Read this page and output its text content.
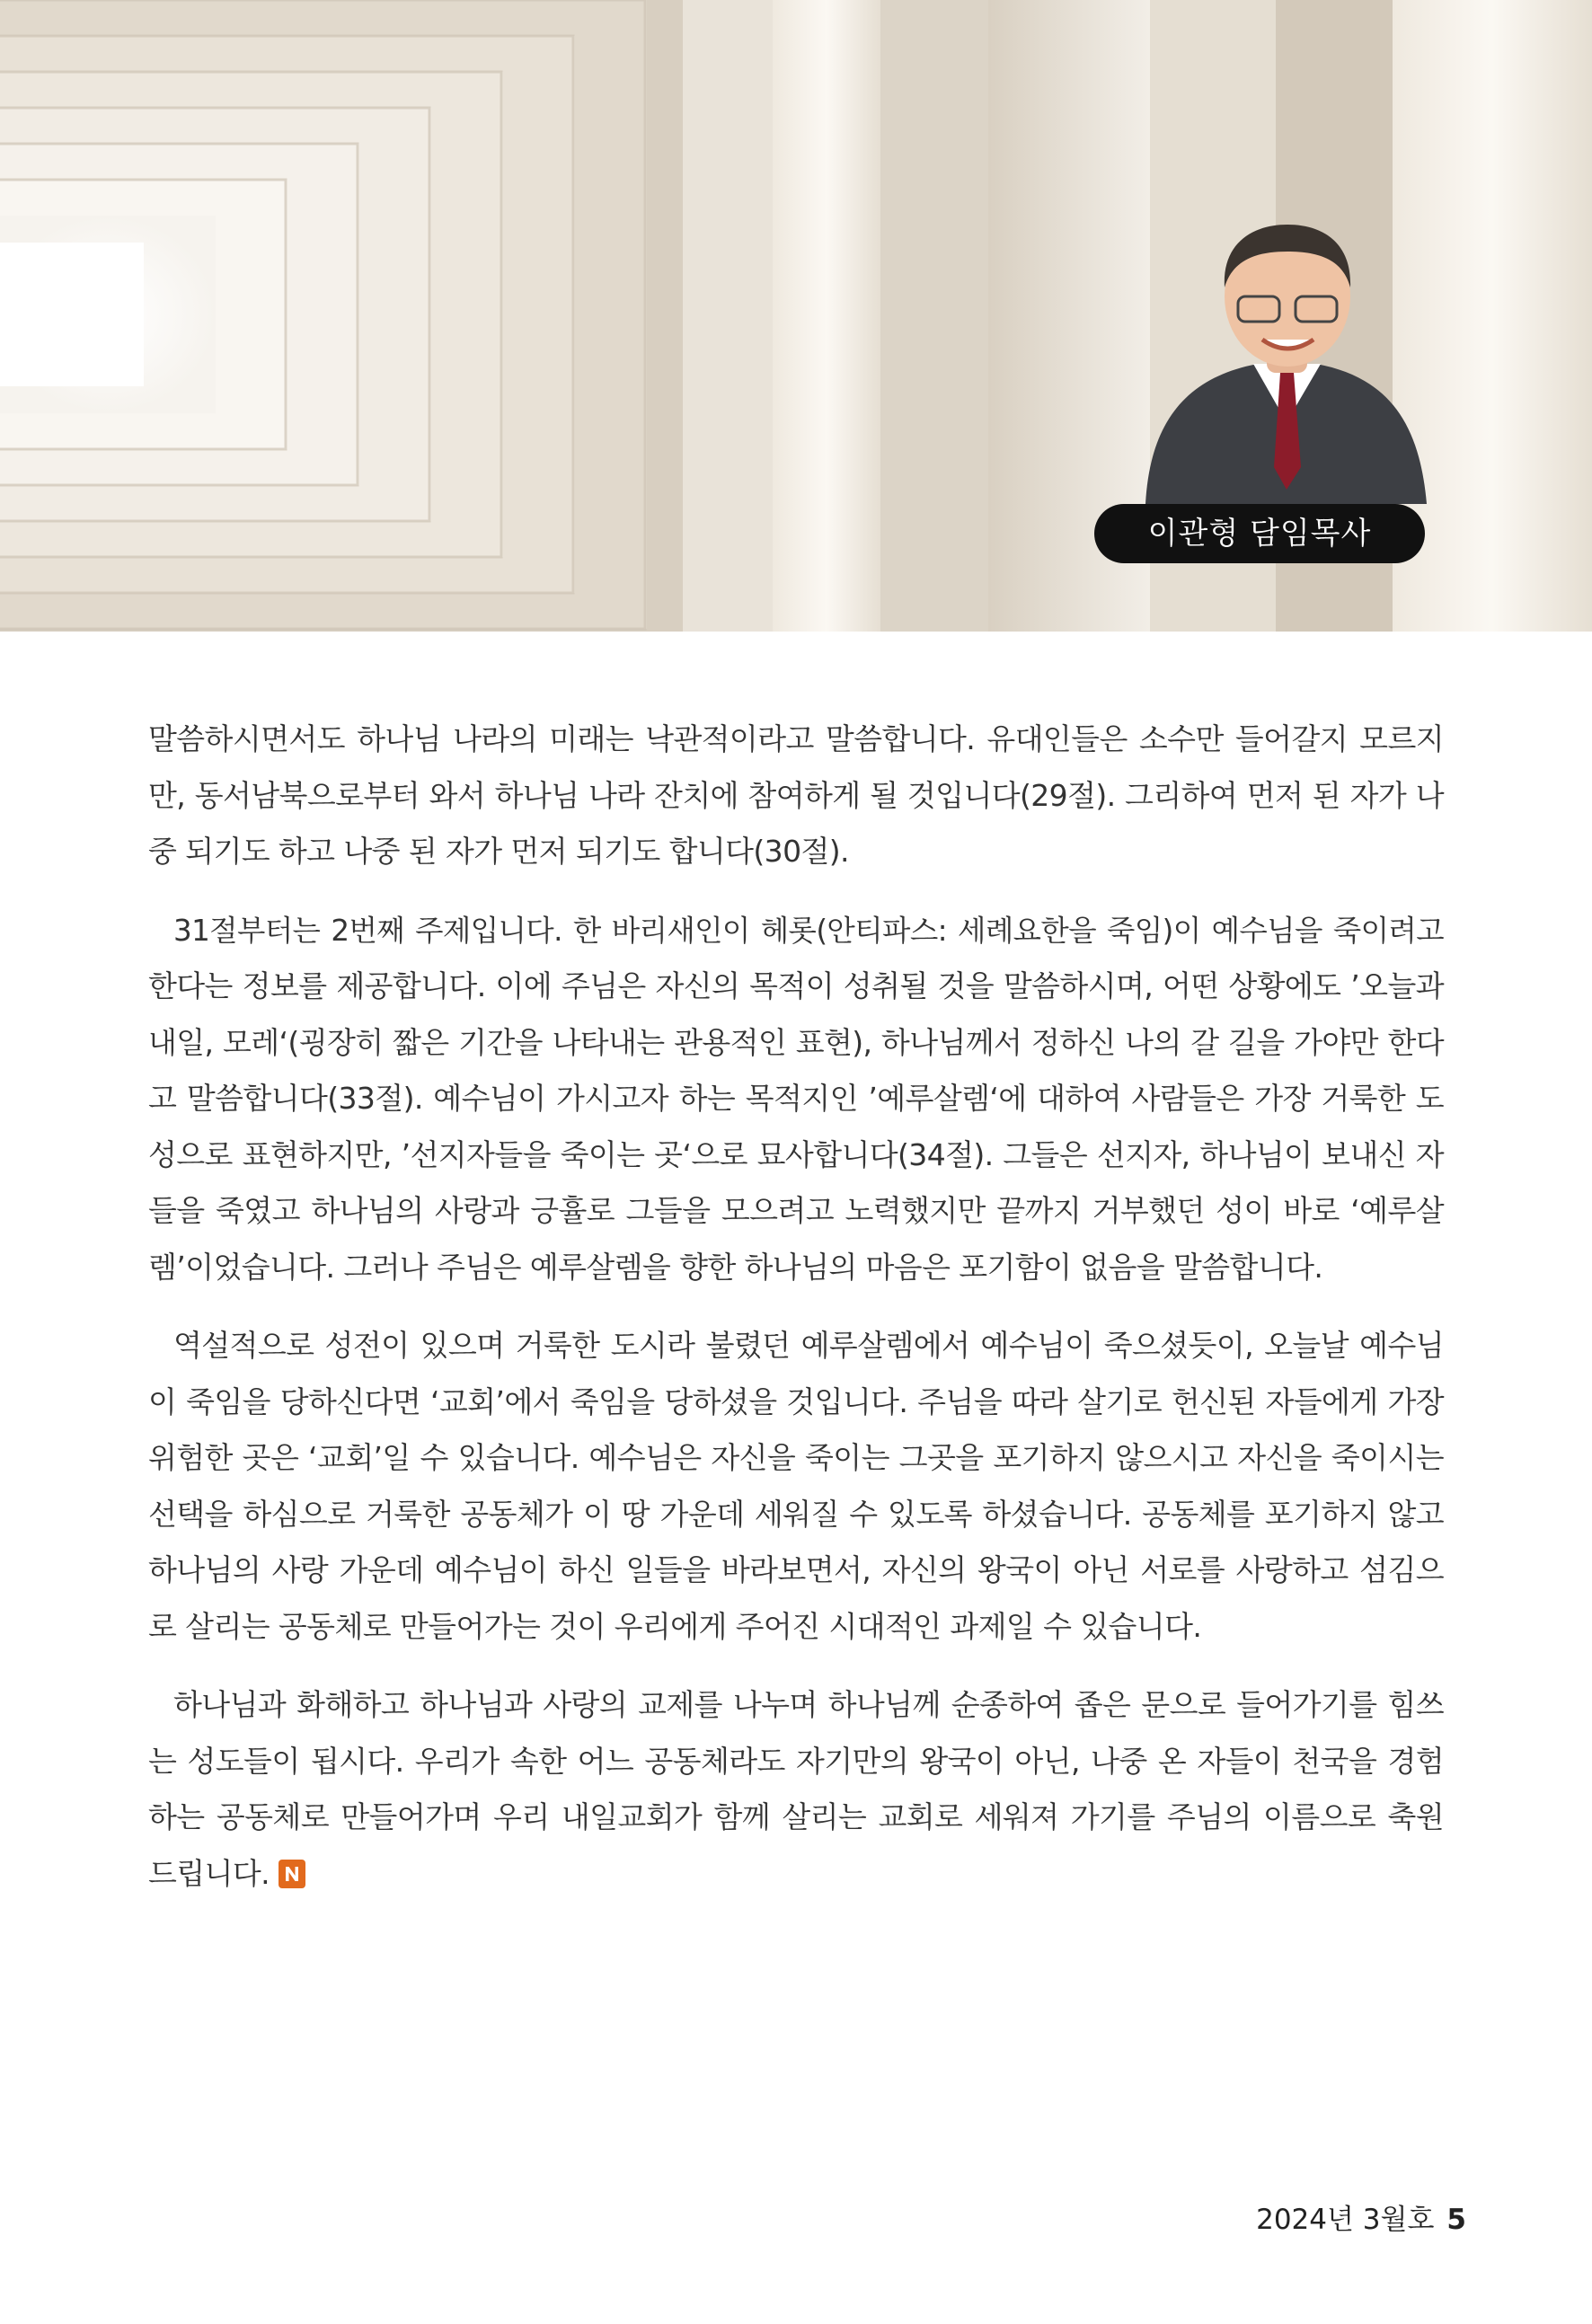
이관형 담임목사

말씀하시면서도 하나님 나라의 미래는 낙관적이라고 말씀합니다. 유대인들은 소수만 들어갈지 모르지
만, 동서남북으로부터 와서 하나님 나라 잔치에 참여하게 될 것입니다(29절). 그리하여 먼저 된 자가 나
중 되기도 하고 나중 된 자가 먼저 되기도 합니다(30절).

31절부터는 2번째 주제입니다. 한 바리새인이 헤롯(안티파스: 세례요한을 죽임)이 예수님을 죽이려고
한다는 정보를 제공합니다. 이에 주님은 자신의 목적이 성취될 것을 말씀하시며, 어떤 상황에도 ’오늘과
내일, 모레‘(굉장히 짧은 기간을 나타내는 관용적인 표현), 하나님께서 정하신 나의 갈 길을 가야만 한다
고 말씀합니다(33절). 예수님이 가시고자 하는 목적지인 ’예루살렘‘에 대하여 사람들은 가장 거룩한 도
성으로 표현하지만, ’선지자들을 죽이는 곳‘으로 묘사합니다(34절). 그들은 선지자, 하나님이 보내신 자
들을 죽였고 하나님의 사랑과 긍휼로 그들을 모으려고 노력했지만 끝까지 거부했던 성이 바로 ‘예루살
렘’이었습니다. 그러나 주님은 예루살렘을 향한 하나님의 마음은 포기함이 없음을 말씀합니다.

역설적으로 성전이 있으며 거룩한 도시라 불렸던 예루살렘에서 예수님이 죽으셨듯이, 오늘날 예수님
이 죽임을 당하신다면 ‘교회’에서 죽임을 당하셨을 것입니다. 주님을 따라 살기로 헌신된 자들에게 가장
위험한 곳은 ‘교회’일 수 있습니다. 예수님은 자신을 죽이는 그곳을 포기하지 않으시고 자신을 죽이시는
선택을 하심으로 거룩한 공동체가 이 땅 가운데 세워질 수 있도록 하셨습니다. 공동체를 포기하지 않고
하나님의 사랑 가운데 예수님이 하신 일들을 바라보면서, 자신의 왕국이 아닌 서로를 사랑하고 섬김으
로 살리는 공동체로 만들어가는 것이 우리에게 주어진 시대적인 과제일 수 있습니다.

하나님과 화해하고 하나님과 사랑의 교제를 나누며 하나님께 순종하여 좁은 문으로 들어가기를 힘쓰
는 성도들이 됩시다. 우리가 속한 어느 공동체라도 자기만의 왕국이 아닌, 나중 온 자들이 천국을 경험
하는 공동체로 만들어가며 우리 내일교회가 함께 살리는 교회로 세워져 가기를 주님의 이름으로 축원
드립니다.

2024년 3월호 5
